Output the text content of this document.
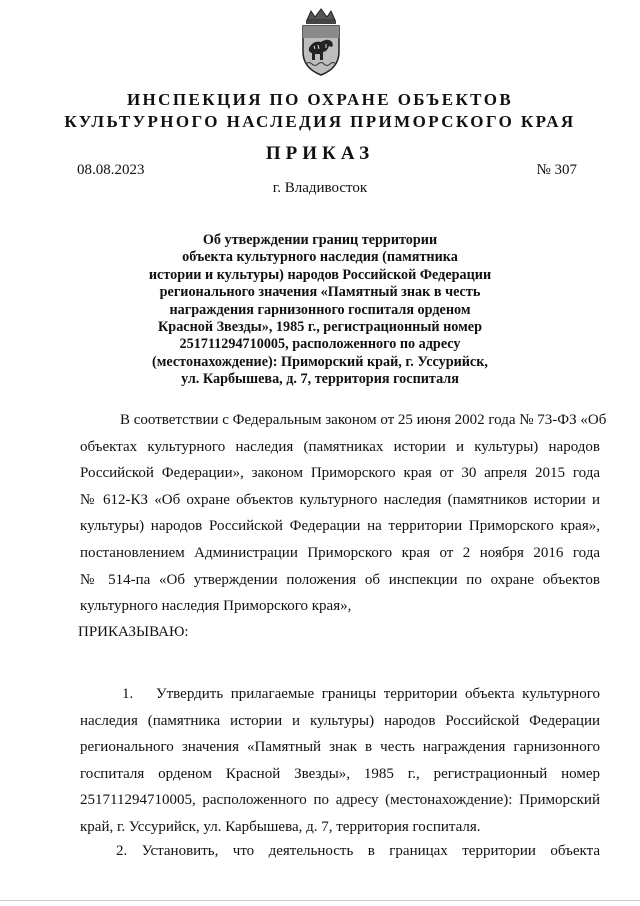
ИНСПЕКЦИЯ ПО ОХРАНЕ ОБЪЕКТОВ
КУЛЬТУРНОГО НАСЛЕДИЯ ПРИМОРСКОГО КРАЯ
ПРИКАЗ
08.08.2023	№ 307
г. Владивосток
Об утверждении границ территории
объекта культурного наследия (памятника
истории и культуры) народов Российской Федерации
регионального значения «Памятный знак в честь
награждения гарнизонного госпиталя орденом
Красной Звезды», 1985 г., регистрационный номер
251711294710005, расположенного по адресу
(местонахождение): Приморский край, г. Уссурийск,
ул. Карбышева, д. 7, территория госпиталя
В соответствии с Федеральным законом от 25 июня 2002 года № 73-ФЗ «Об
объектах культурного наследия (памятниках истории и культуры) народов
Российской Федерации», законом Приморского края от 30 апреля 2015 года
№ 612-КЗ «Об охране объектов культурного наследия (памятников истории и
культуры) народов Российской Федерации на территории Приморского края»,
постановлением Администрации Приморского края от 2 ноября 2016 года
№ 514-па «Об утверждении положения об инспекции по охране объектов
культурного наследия Приморского края»,
ПРИКАЗЫВАЮ:
1. Утвердить прилагаемые границы территории объекта культурного
наследия (памятника истории и культуры) народов Российской Федерации
регионального значения «Памятный знак в честь награждения гарнизонного
госпиталя орденом Красной Звезды», 1985 г., регистрационный номер
251711294710005, расположенного по адресу (местонахождение): Приморский
край, г. Уссурийск, ул. Карбышева, д. 7, территория госпиталя.
2. Установить, что деятельность в границах территории объекта
